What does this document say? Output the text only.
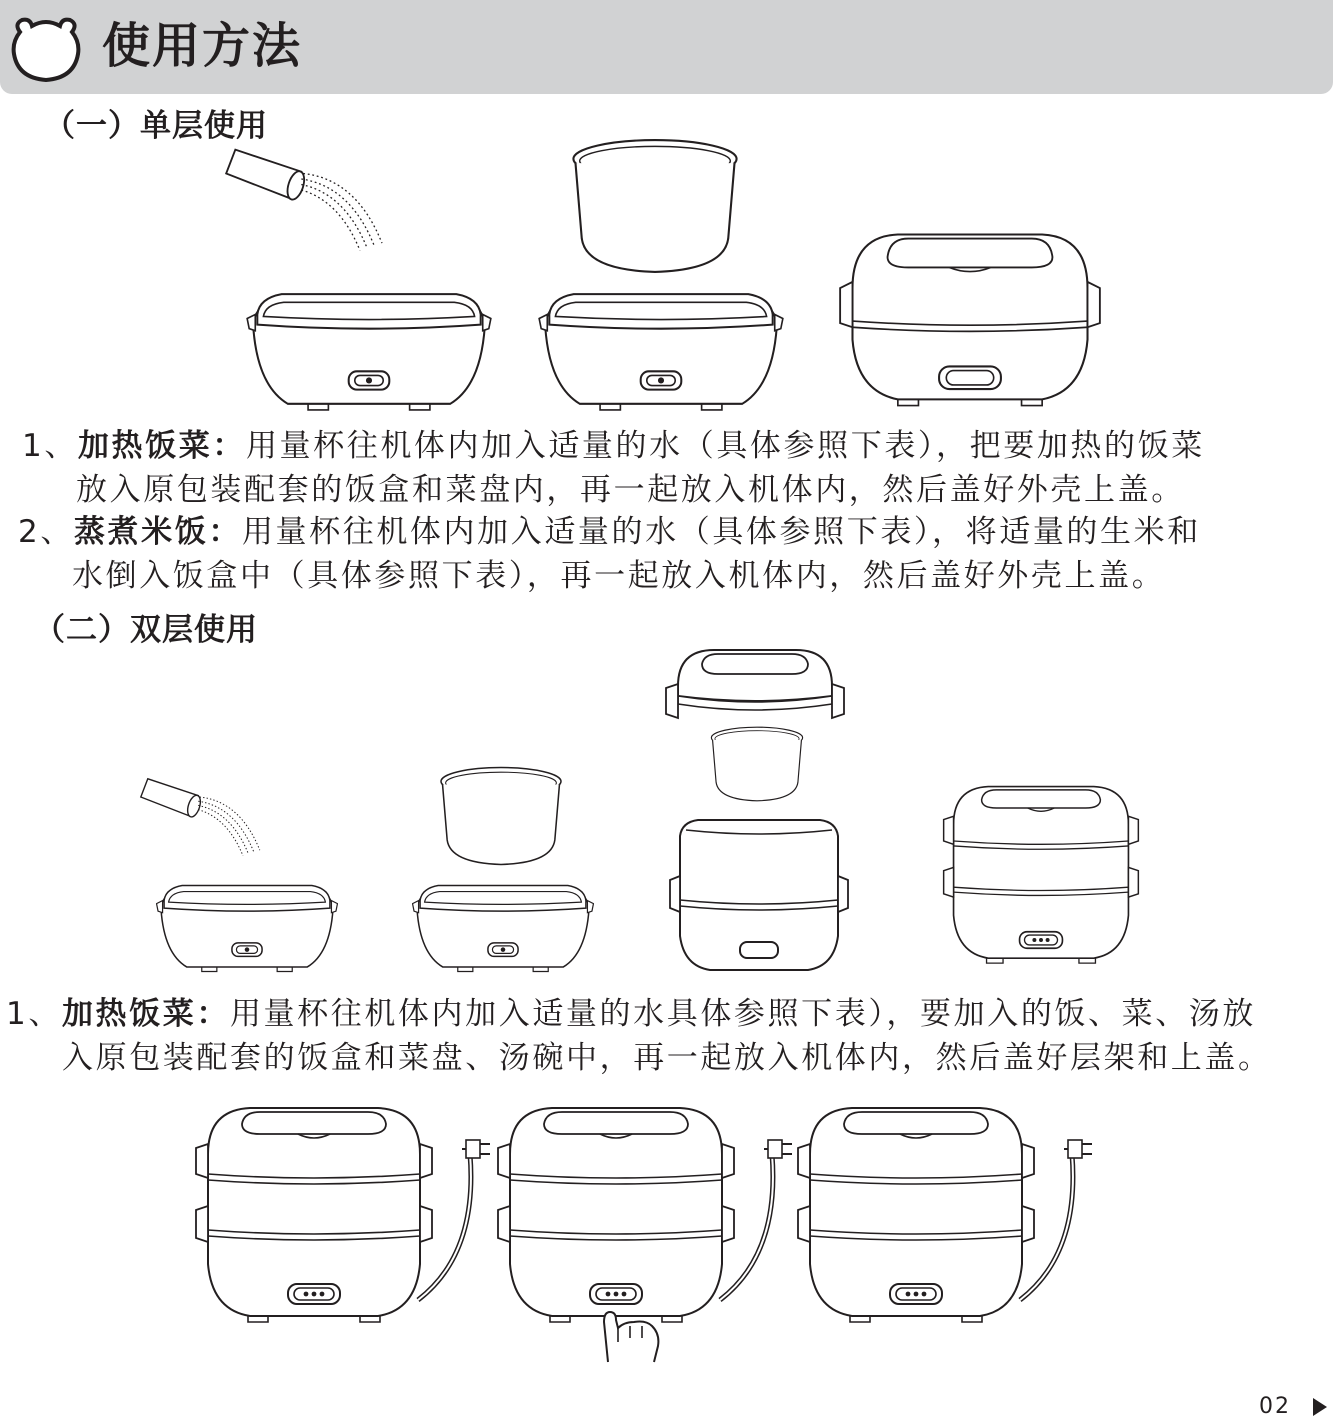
使用方法
（一）单层使用
1、加热饭菜：用量杯往机体内加入适量的水（具体参照下表），把要加热的饭菜
放入原包装配套的饭盒和菜盘内，再一起放入机体内，然后盖好外壳上盖。
2、蒸煮米饭：用量杯往机体内加入适量的水（具体参照下表），将适量的生米和
水倒入饭盒中（具体参照下表），再一起放入机体内，然后盖好外壳上盖。
（二）双层使用
1、加热饭菜：用量杯往机体内加入适量的水具体参照下表），要加入的饭、菜、汤放
入原包装配套的饭盒和菜盘、汤碗中，再一起放入机体内，然后盖好层架和上盖。
02
